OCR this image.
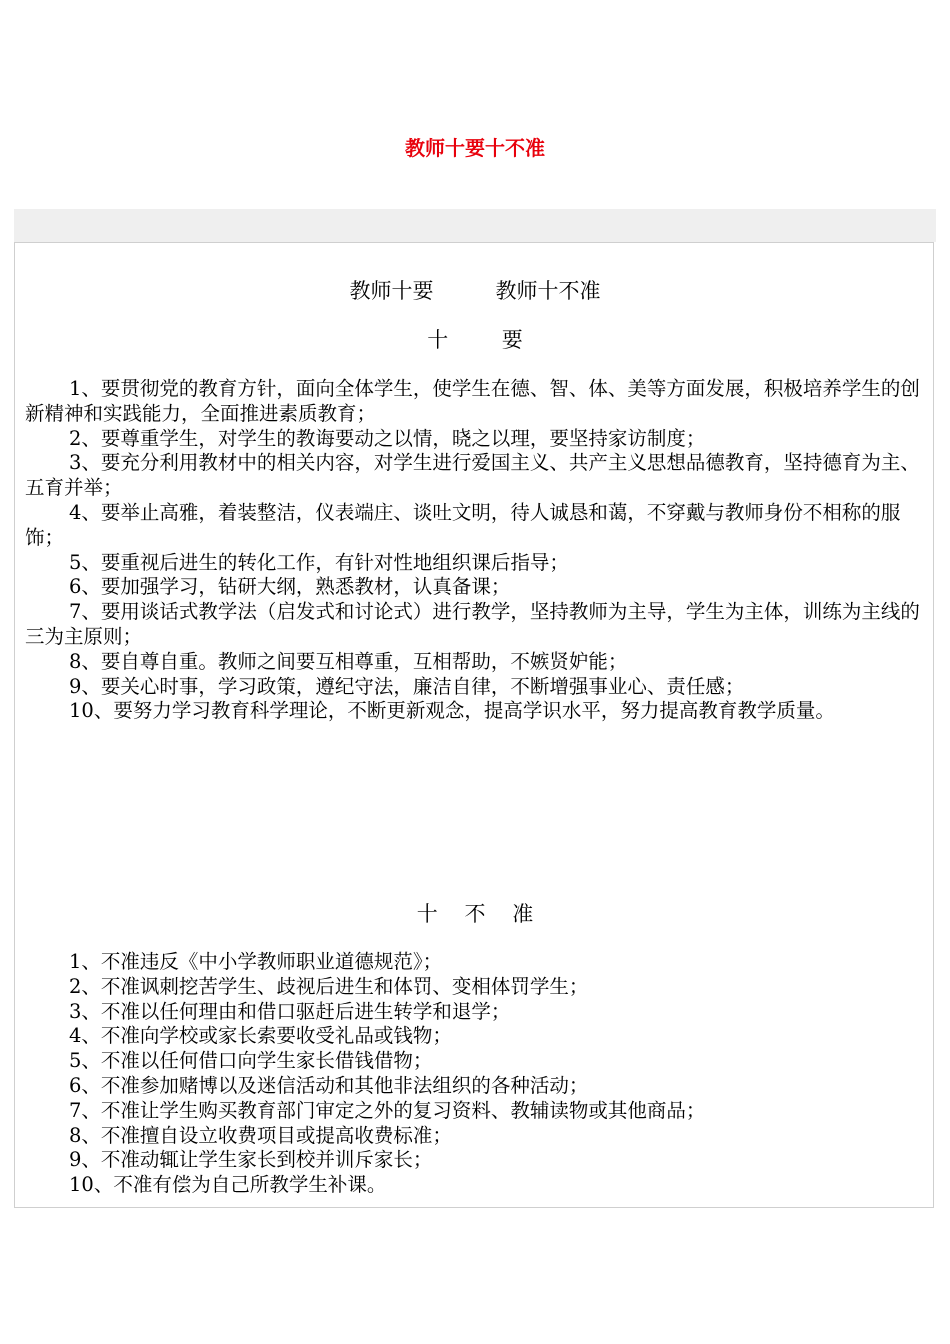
教师十要十不准
教师十要	教师十不准
十        要
1、要贯彻党的教育方针，面向全体学生，使学生在德、智、体、美等方面发展，积极培养学生的创新精神和实践能力，全面推进素质教育；
2、要尊重学生，对学生的教诲要动之以情，晓之以理，要坚持家访制度；
3、要充分利用教材中的相关内容，对学生进行爱国主义、共产主义思想品德教育，坚持德育为主、五育并举；
4、要举止高雅，着装整洁，仪表端庄、谈吐文明，待人诚恳和蔼，不穿戴与教师身份不相称的服饰；
5、要重视后进生的转化工作，有针对性地组织课后指导；
6、要加强学习，钻研大纲，熟悉教材，认真备课；
7、要用谈话式教学法（启发式和讨论式）进行教学，坚持教师为主导，学生为主体，训练为主线的三为主原则；
8、要自尊自重。教师之间要互相尊重，互相帮助，不嫉贤妒能；
9、要关心时事，学习政策，遵纪守法，廉洁自律，不断增强事业心、责任感；
10、要努力学习教育科学理论，不断更新观念，提高学识水平，努力提高教育教学质量。
十    不    准
1、不准违反《中小学教师职业道德规范》；
2、不准讽刺挖苦学生、歧视后进生和体罚、变相体罚学生；
3、不准以任何理由和借口驱赶后进生转学和退学；
4、不准向学校或家长索要收受礼品或钱物；
5、不准以任何借口向学生家长借钱借物；
6、不准参加赌博以及迷信活动和其他非法组织的各种活动；
7、不准让学生购买教育部门审定之外的复习资料、教辅读物或其他商品；
8、不准擅自设立收费项目或提高收费标准；
9、不准动辄让学生家长到校并训斥家长；
10、不准有偿为自己所教学生补课。
